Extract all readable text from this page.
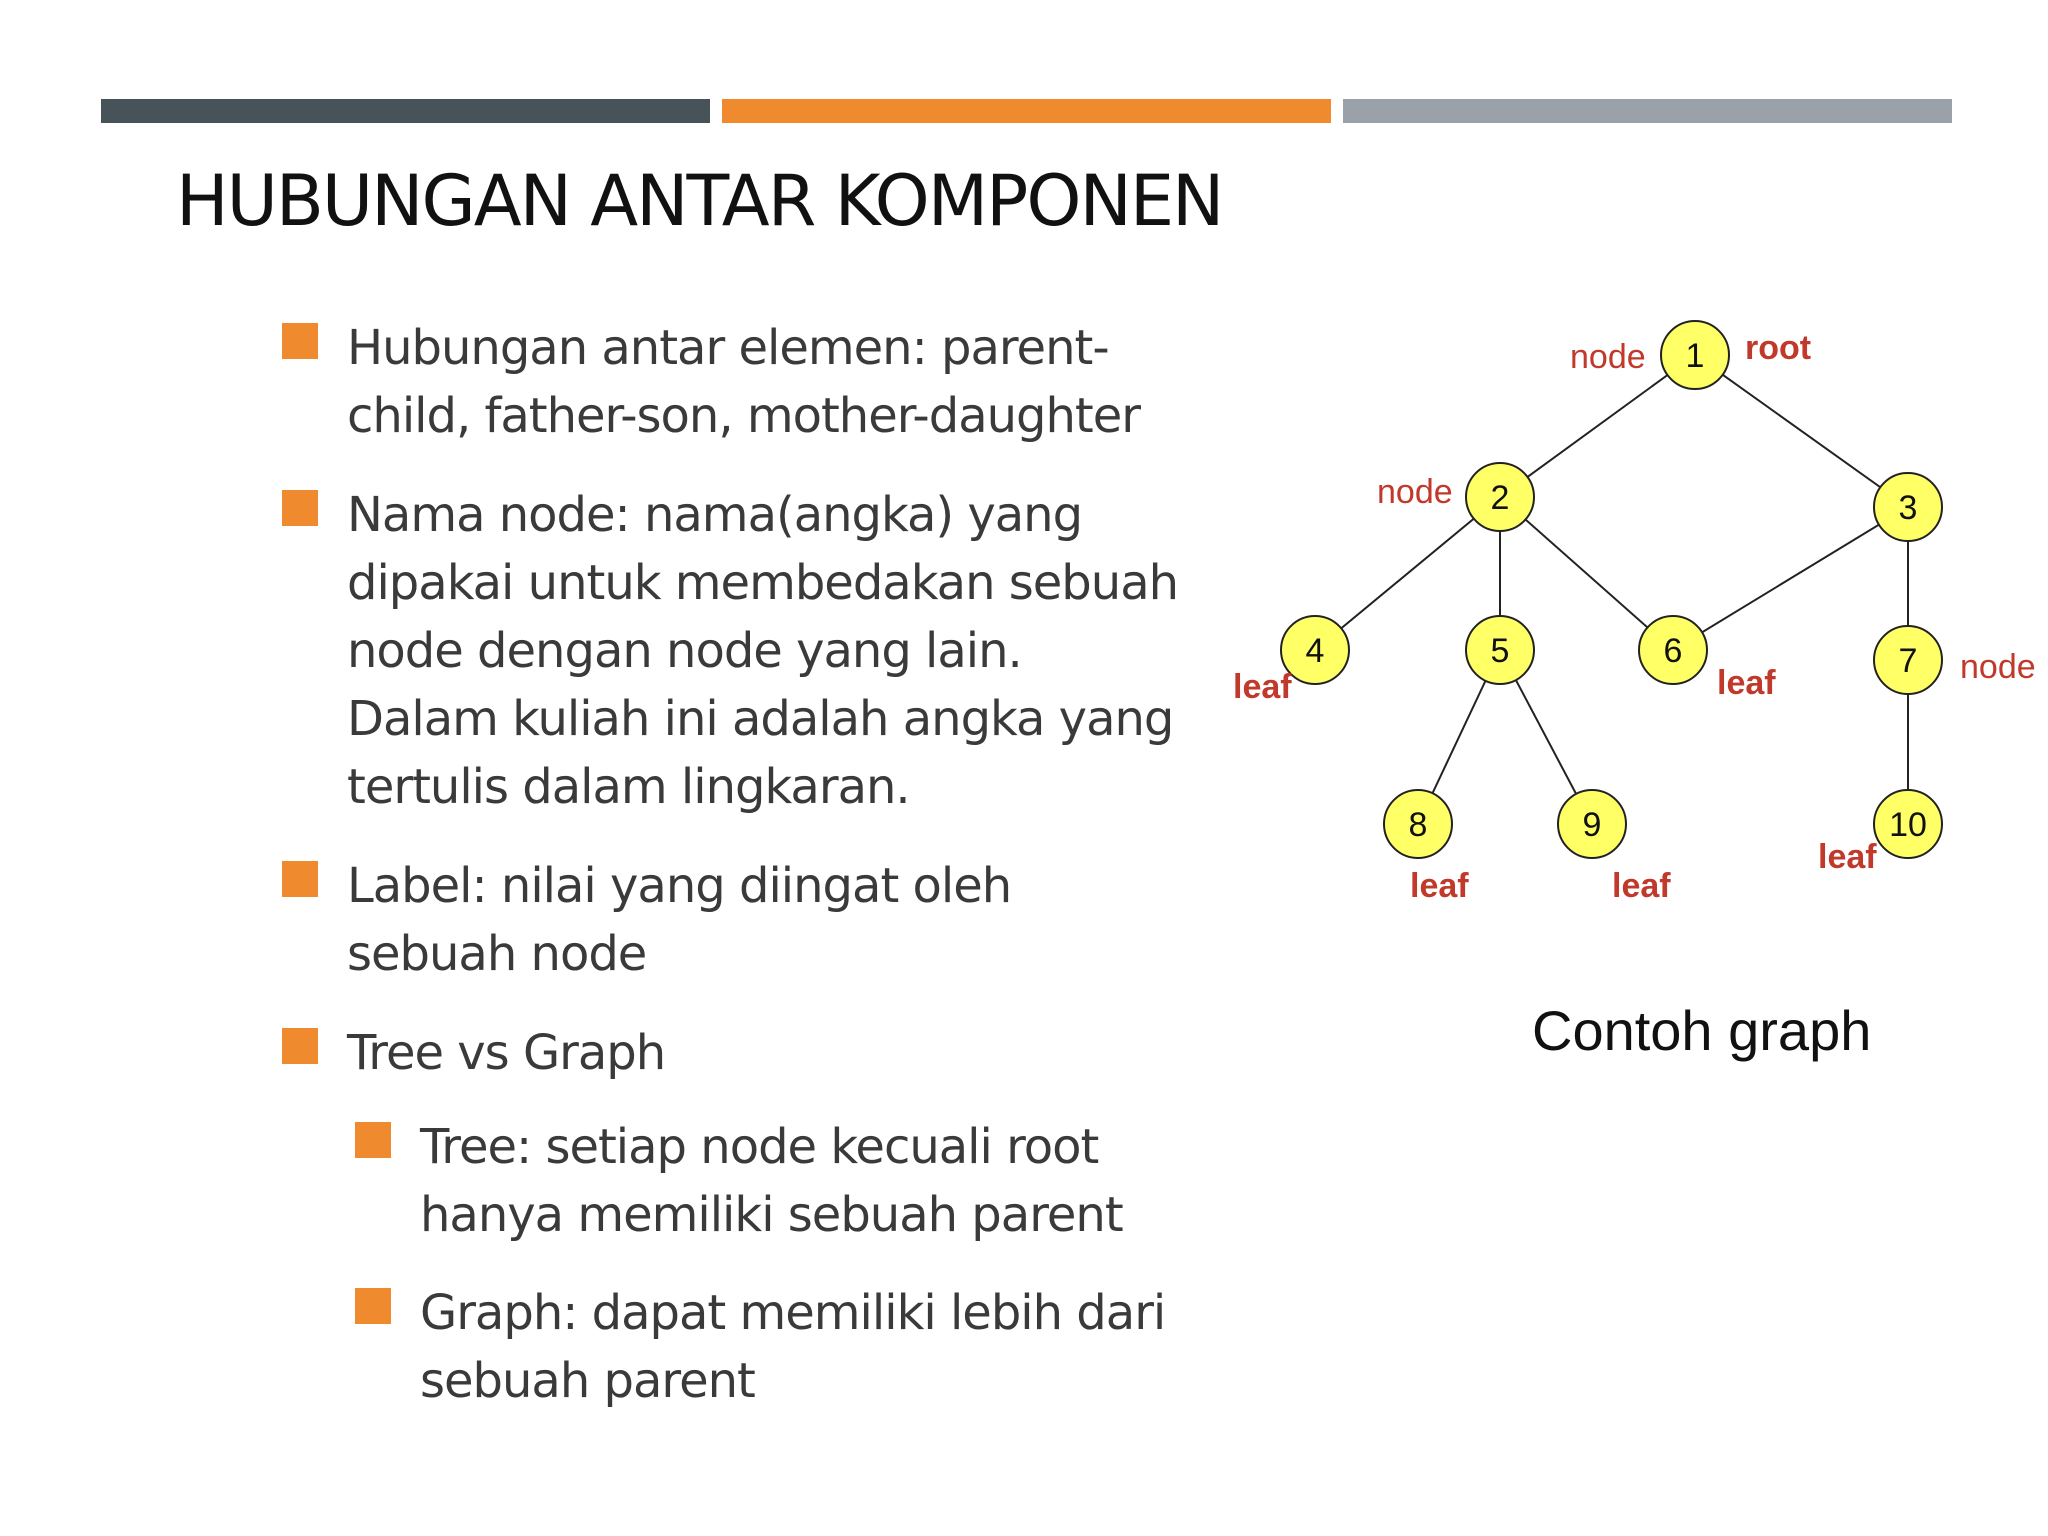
HUBUNGAN ANTAR KOMPONEN
Hubungan antar elemen: parent-child, father-son, mother-daughter
Nama node: nama(angka) yang dipakai untuk membedakan sebuah node dengan node yang lain. Dalam kuliah ini adalah angka yang tertulis dalam lingkaran.
Label: nilai yang diingat oleh sebuah node
Tree vs Graph
Tree: setiap node kecuali root hanya memiliki sebuah parent
Graph: dapat memiliki lebih dari sebuah parent
1
2	3
4	5	6	7
8	9	10
node	root
node
node
leaf	leaf
leaf	leaf
leaf
Contoh graph
